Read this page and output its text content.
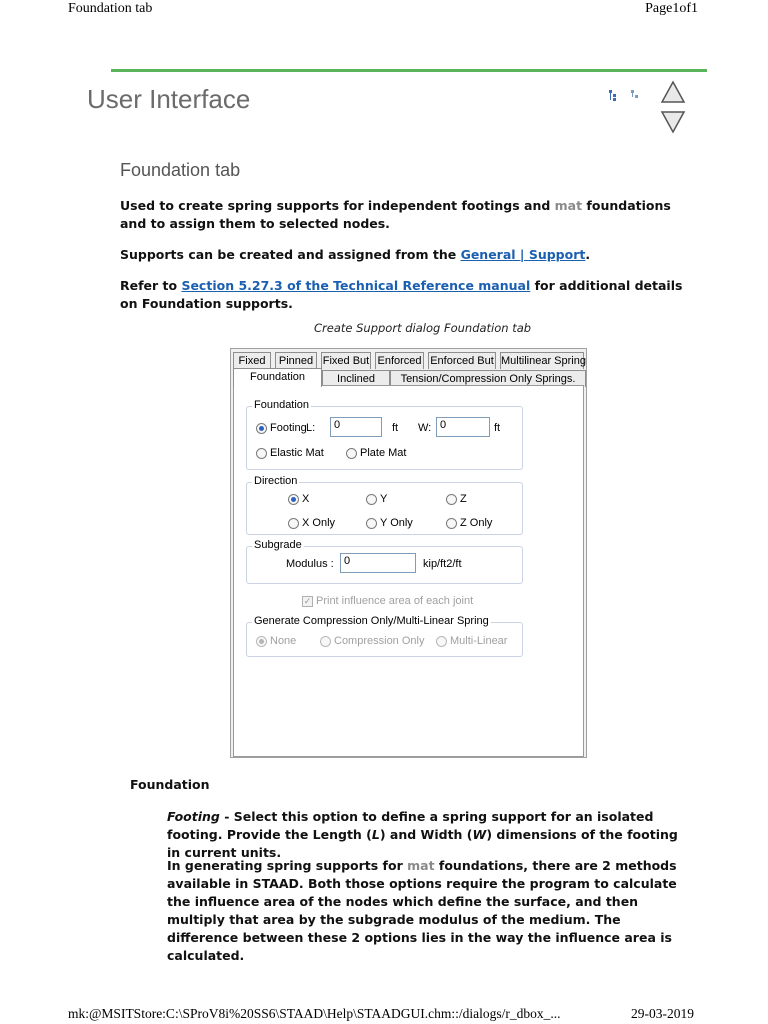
Foundation tab	Page1of1
User Interface
Foundation tab
Used to create spring supports for independent footings and mat foundations and to assign them to selected nodes.
Supports can be created and assigned from the General | Support.
Refer to Section 5.27.3 of the Technical Reference manual for additional details on Foundation supports.
Create Support dialog Foundation tab
Fixed	Pinned Fixed But Enforced Enforced But Multilinear Spring
Foundation	Inclined	Tension/Compression Only Springs.
Foundation
Footing L:	0	ft W: 0	ft
Elastic Mat	Plate Mat
Direction
X	Y	Z
X Only	Y Only	Z Only
Subgrade
Modulus : 0	kip/ft2/ft
✓ Print influence area of each joint
Generate Compression Only/Multi-Linear Spring
None	Compression Only Multi-Linear
Foundation
Footing - Select this option to define a spring support for an isolated footing. Provide the Length (L) and Width (W) dimensions of the footing in current units.
In generating spring supports for mat foundations, there are 2 methods available in STAAD. Both those options require the program to calculate the influence area of the nodes which define the surface, and then multiply that area by the subgrade modulus of the medium. The difference between these 2 options lies in the way the influence area is calculated.
mk:@MSITStore:C:\SProV8i%20SS6\STAAD\Help\STAADGUI.chm::/dialogs/r_dbox_...	29-03-2019
